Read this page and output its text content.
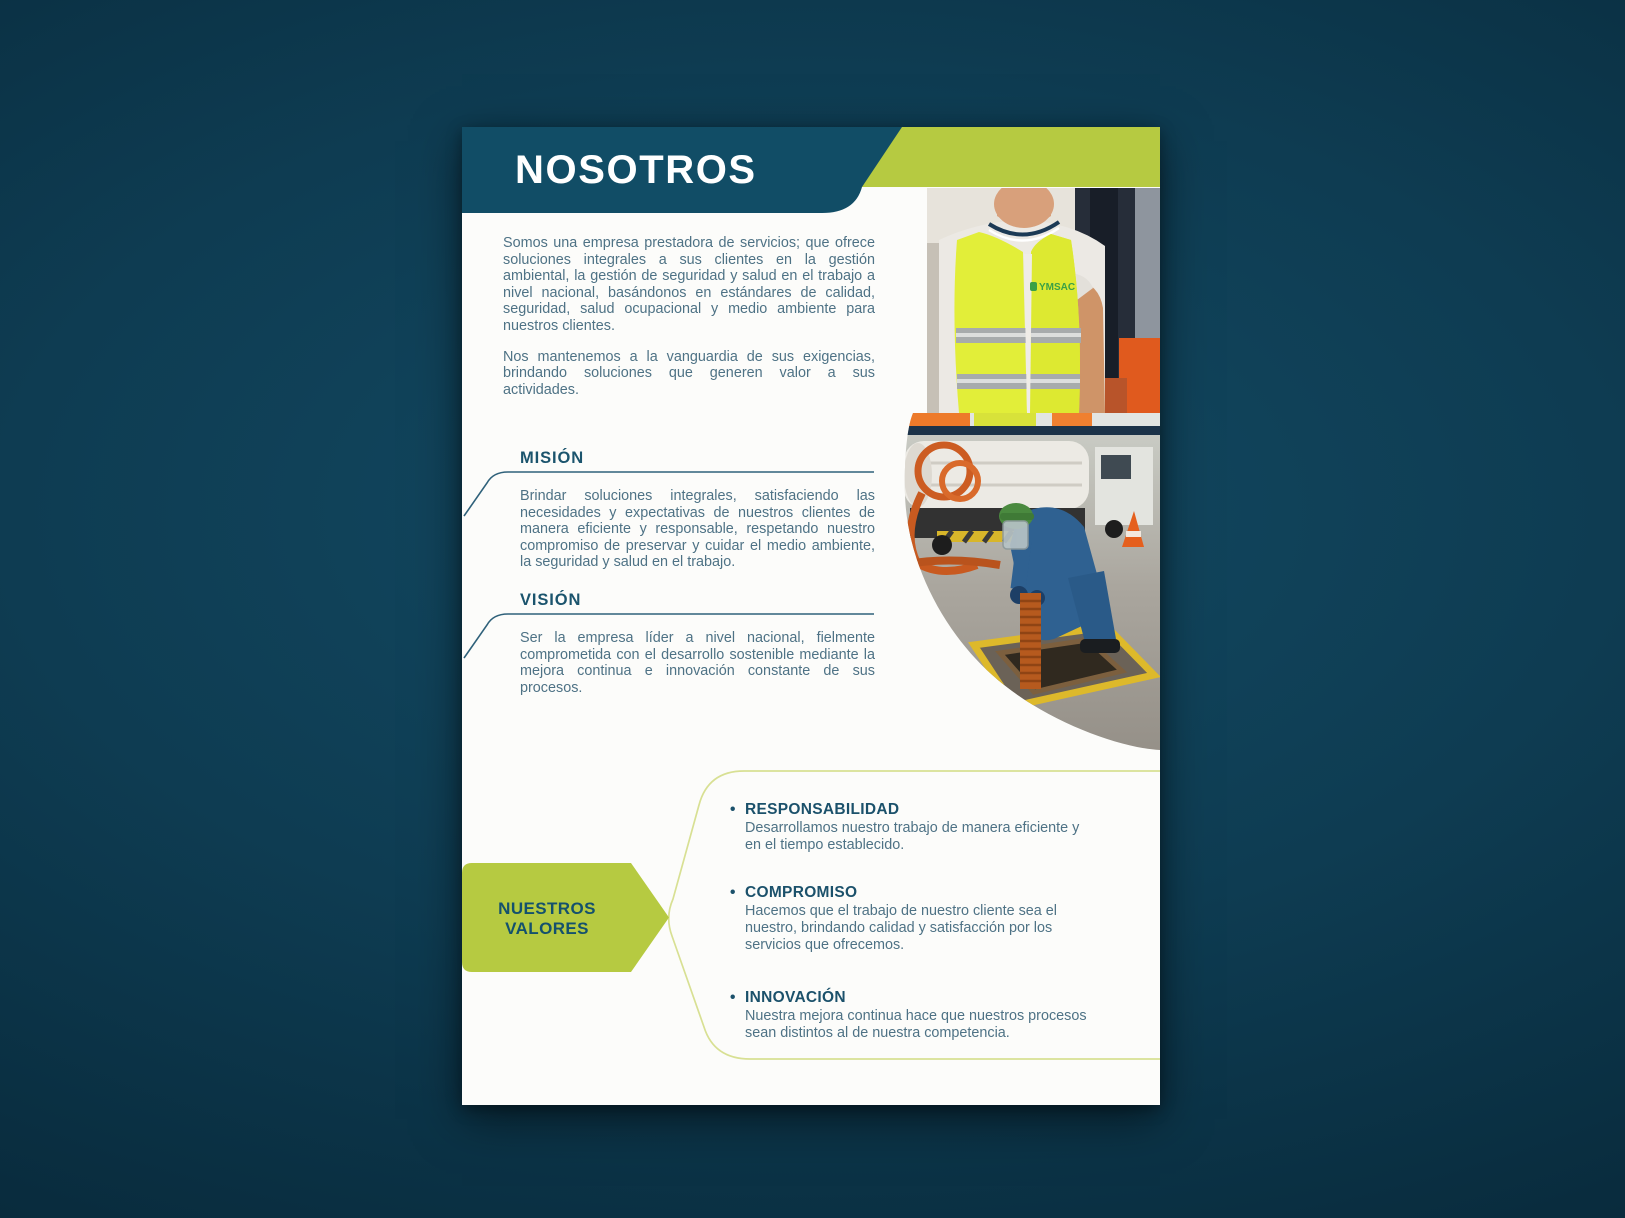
NOSOTROS

Somos una empresa prestadora de servicios; que ofrece soluciones integrales a sus clientes en la gestión ambiental, la gestión de seguridad y salud en el trabajo a nivel nacional, basándonos en estándares de calidad, seguridad, salud ocupacional y medio ambiente para nuestros clientes.

Nos mantenemos a la vanguardia de sus exigencias, brindando soluciones que generen valor a sus actividades.

MISIÓN
Brindar soluciones integrales, satisfaciendo las necesidades y expectativas de nuestros clientes de manera eficiente y responsable, respetando nuestro compromiso de preservar y cuidar el medio ambiente, la seguridad y salud en el trabajo.
VISIÓN
Ser la empresa líder a nivel nacional, fielmente comprometida con el desarrollo sostenible mediante la mejora continua e innovación constante de sus procesos.
YMSAC
NUESTROS
VALORES
• RESPONSABILIDAD
Desarrollamos nuestro trabajo de manera eficiente y en el tiempo establecido.
• COMPROMISO
Hacemos que el trabajo de nuestro cliente sea el nuestro, brindando calidad y satisfacción por los servicios que ofrecemos.
• INNOVACIÓN
Nuestra mejora continua hace que nuestros procesos sean distintos al de nuestra competencia.
